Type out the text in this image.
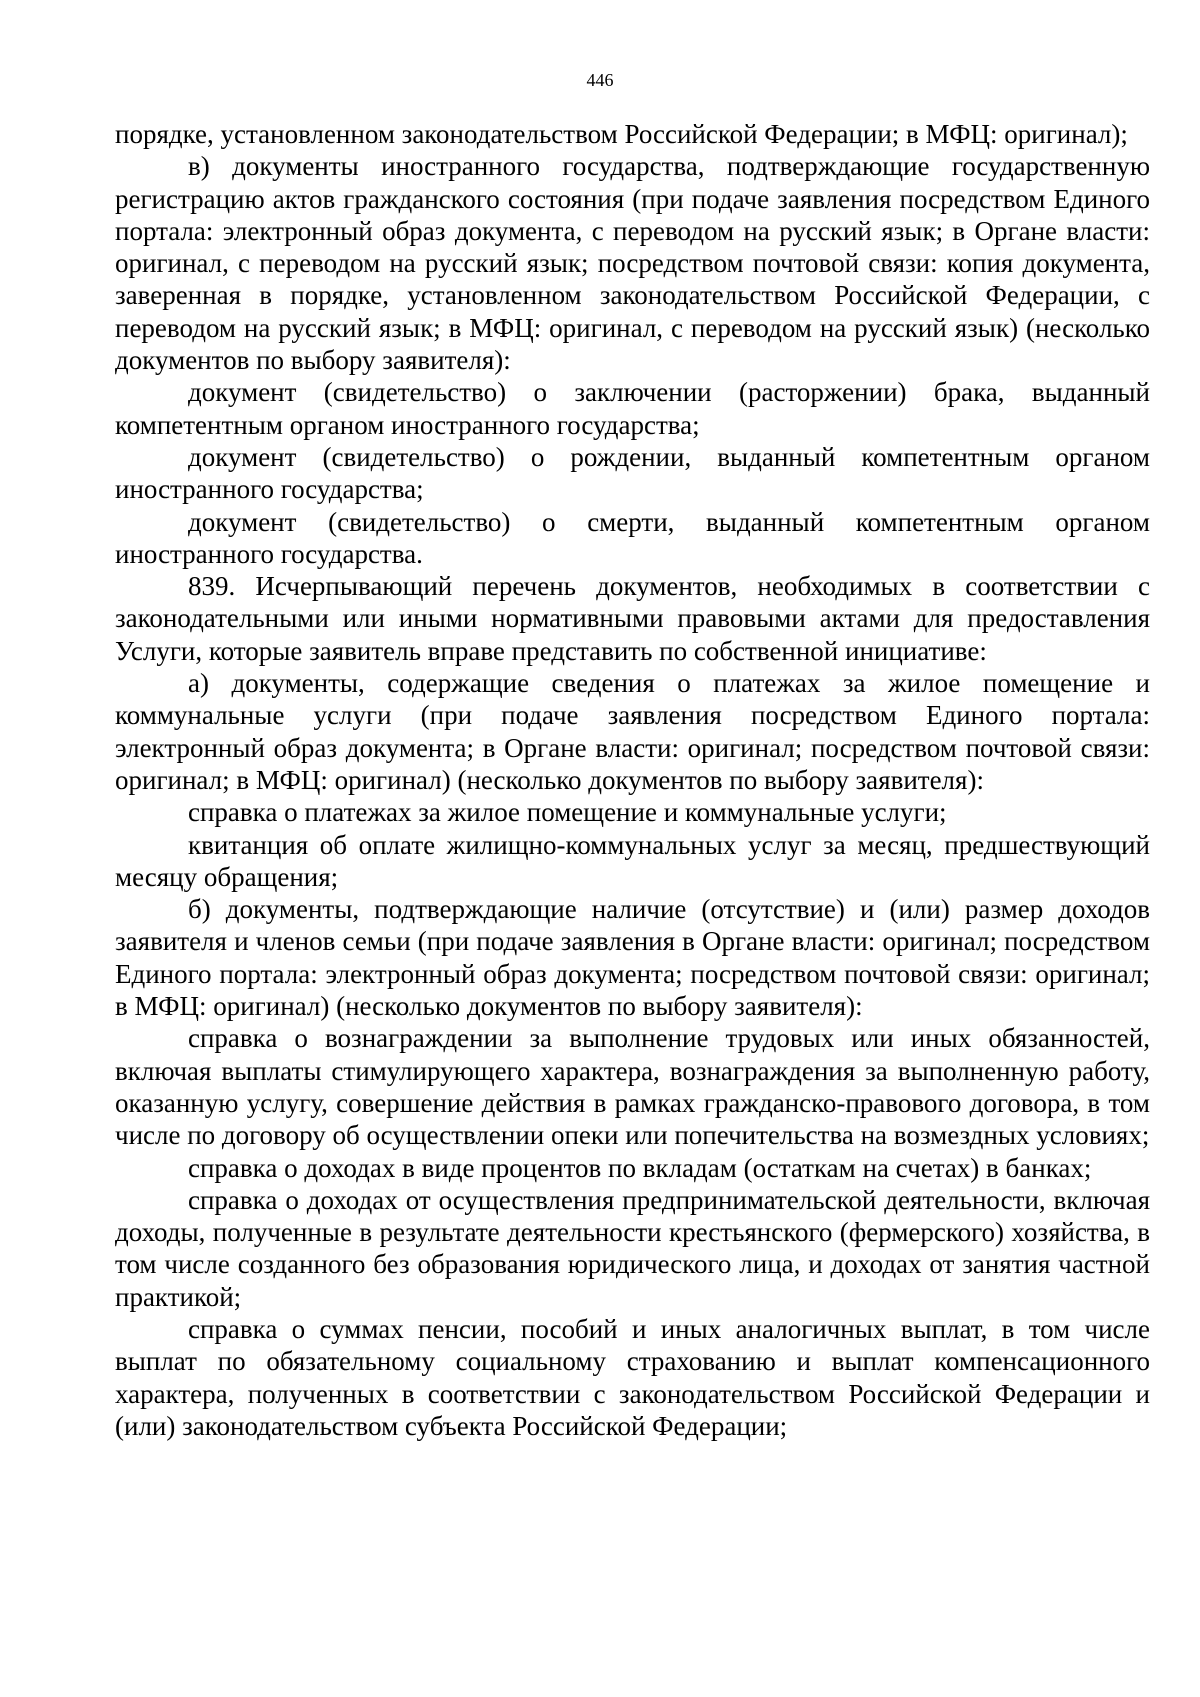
446

порядке, установленном законодательством Российской Федерации; в МФЦ: оригинал);

в) документы иностранного государства, подтверждающие государственную регистрацию актов гражданского состояния (при подаче заявления посредством Единого портала: электронный образ документа, с переводом на русский язык; в Органе власти: оригинал, с переводом на русский язык; посредством почтовой связи: копия документа, заверенная в порядке, установленном законодательством Российской Федерации, с переводом на русский язык; в МФЦ: оригинал, с переводом на русский язык) (несколько документов по выбору заявителя):

документ (свидетельство) о заключении (расторжении) брака, выданный компетентным органом иностранного государства;

документ (свидетельство) о рождении, выданный компетентным органом иностранного государства;

документ (свидетельство) о смерти, выданный компетентным органом иностранного государства.

839. Исчерпывающий перечень документов, необходимых в соответствии с законодательными или иными нормативными правовыми актами для предоставления Услуги, которые заявитель вправе представить по собственной инициативе:

а) документы, содержащие сведения о платежах за жилое помещение и коммунальные услуги (при подаче заявления посредством Единого портала: электронный образ документа; в Органе власти: оригинал; посредством почтовой связи: оригинал; в МФЦ: оригинал) (несколько документов по выбору заявителя):

справка о платежах за жилое помещение и коммунальные услуги;

квитанция об оплате жилищно-коммунальных услуг за месяц, предшествующий месяцу обращения;

б) документы, подтверждающие наличие (отсутствие) и (или) размер доходов заявителя и членов семьи (при подаче заявления в Органе власти: оригинал; посредством Единого портала: электронный образ документа; посредством почтовой связи: оригинал; в МФЦ: оригинал) (несколько документов по выбору заявителя):

справка о вознаграждении за выполнение трудовых или иных обязанностей, включая выплаты стимулирующего характера, вознаграждения за выполненную работу, оказанную услугу, совершение действия в рамках гражданско-правового договора, в том числе по договору об осуществлении опеки или попечительства на возмездных условиях;

справка о доходах в виде процентов по вкладам (остаткам на счетах) в банках;

справка о доходах от осуществления предпринимательской деятельности, включая доходы, полученные в результате деятельности крестьянского (фермерского) хозяйства, в том числе созданного без образования юридического лица, и доходах от занятия частной практикой;

справка о суммах пенсии, пособий и иных аналогичных выплат, в том числе выплат по обязательному социальному страхованию и выплат компенсационного характера, полученных в соответствии с законодательством Российской Федерации и (или) законодательством субъекта Российской Федерации;
